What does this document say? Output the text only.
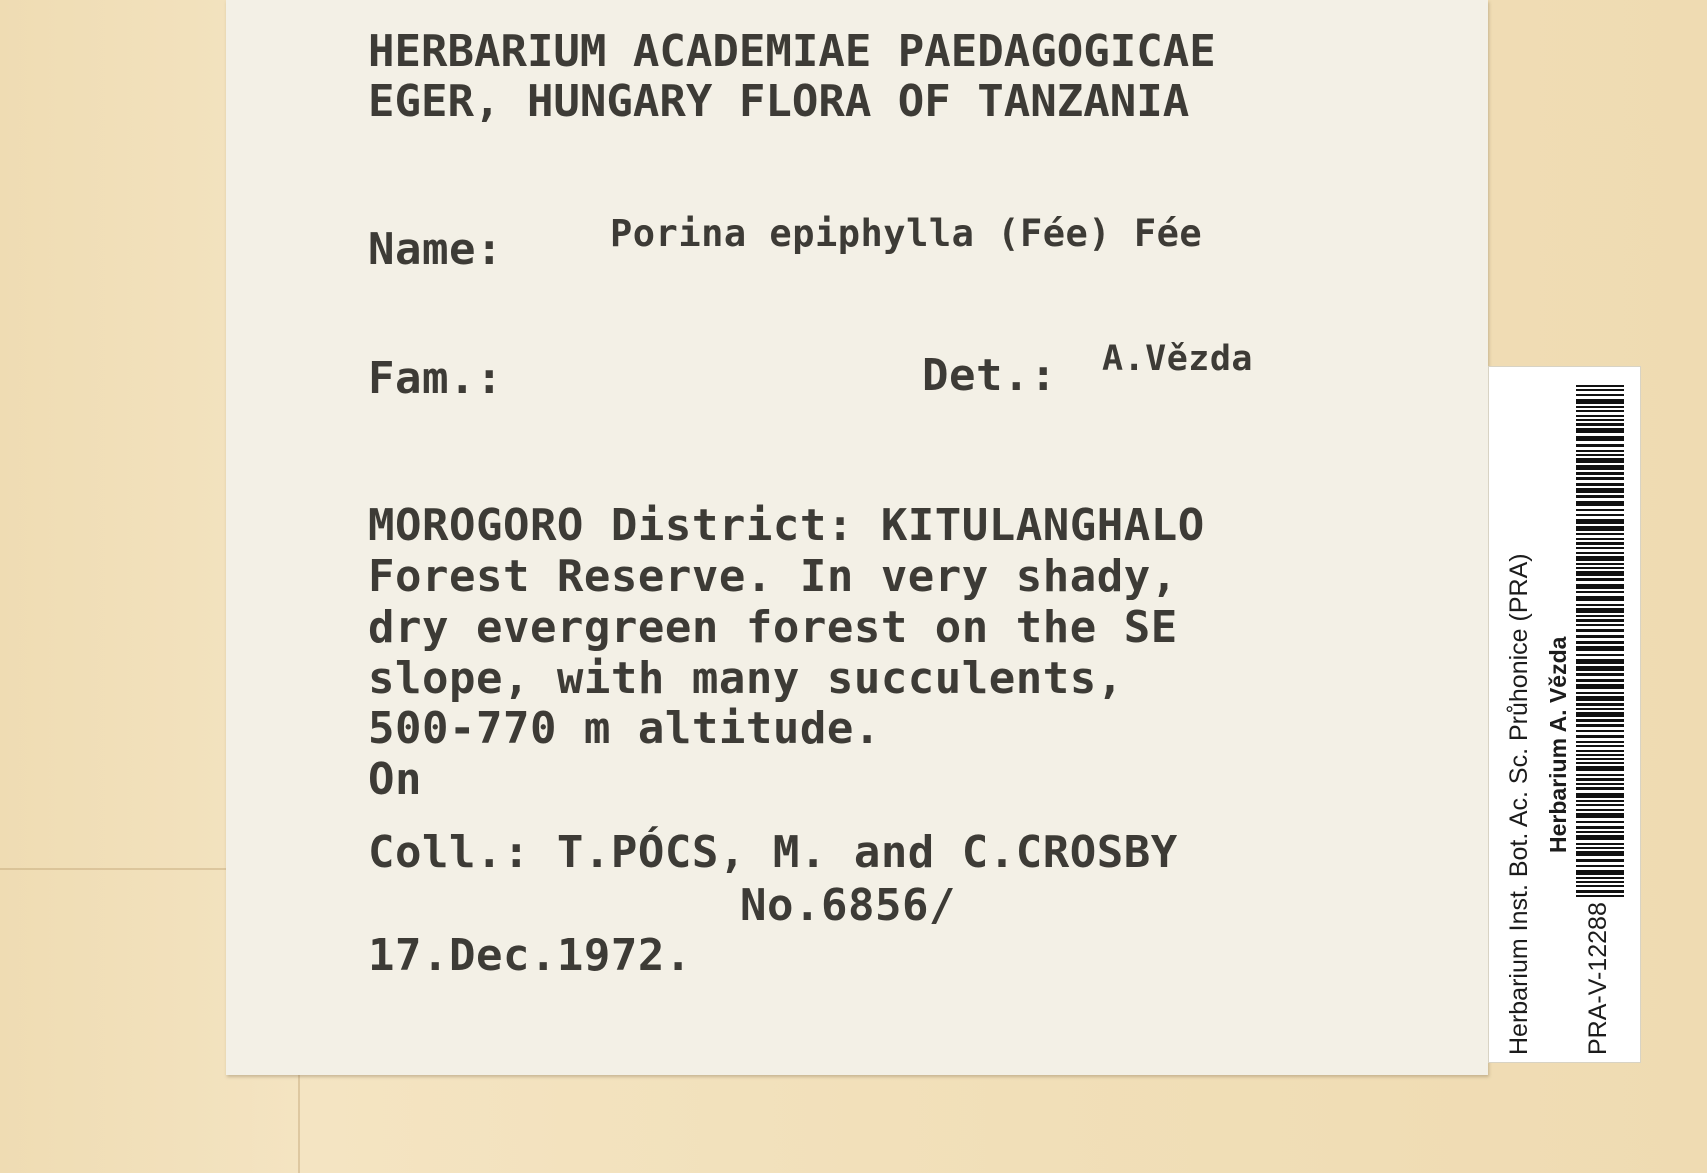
HERBARIUM ACADEMIAE PAEDAGOGICAE
EGER, HUNGARY FLORA OF TANZANIA
Name:	Porina epiphylla (Fée) Fée
Fam.:	Det.: A.Vězda
MOROGORO District: KITULANGHALO
Forest Reserve. In very shady,
dry evergreen forest on the SE
slope, with many succulents,
500-770 m altitude.
On
Coll.: T.PÓCS, M. and C.CROSBY
No.6856/
17.Dec.1972.	Herbarium Inst. Bot. Ac. Sc. Průhonice (PRA) Herbarium A. Vězda
PRA-V-12288
